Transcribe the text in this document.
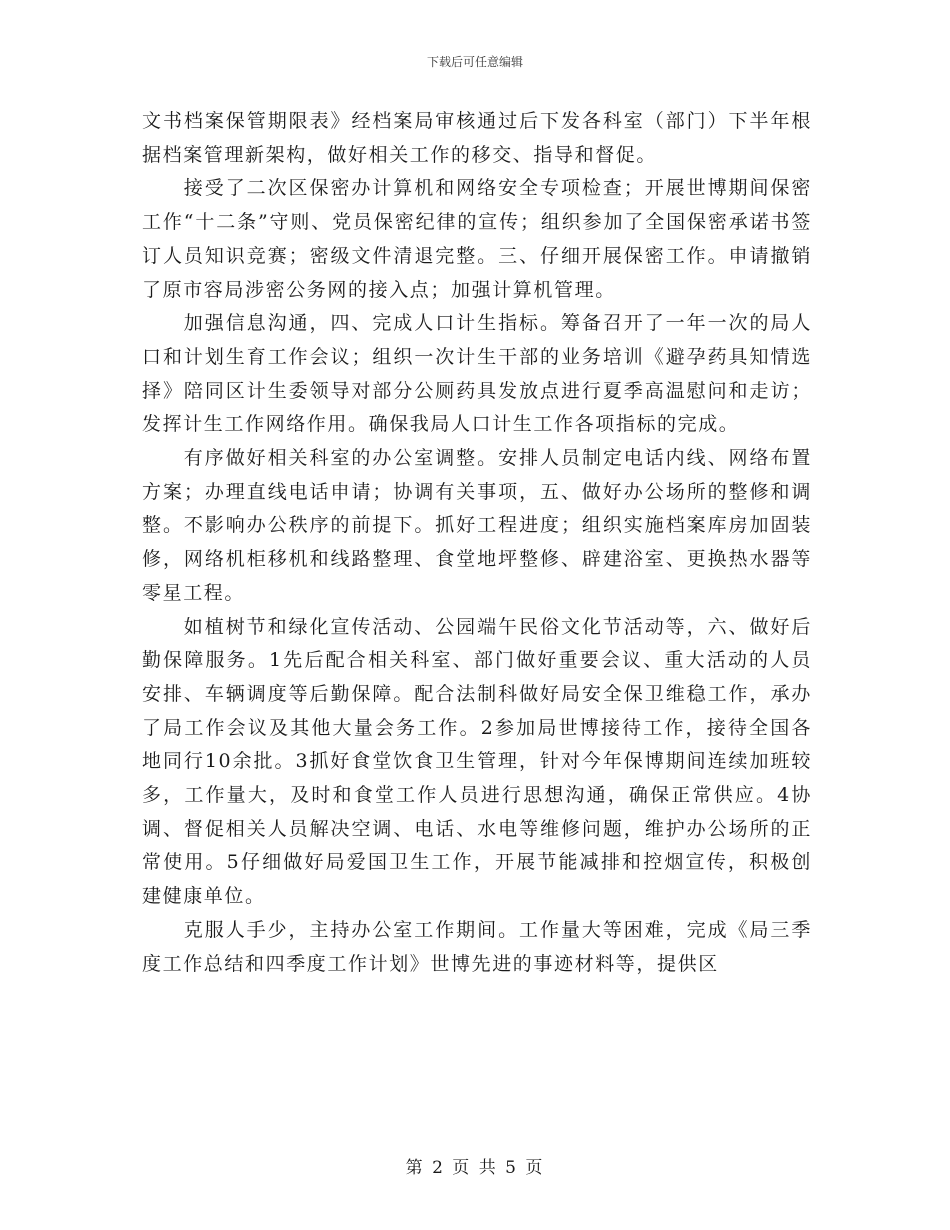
下载后可任意编辑

文书档案保管期限表》经档案局审核通过后下发各科室（部门）下半年根据档案管理新架构，做好相关工作的移交、指导和督促。

接受了二次区保密办计算机和网络安全专项检查；开展世博期间保密工作“十二条”守则、党员保密纪律的宣传；组织参加了全国保密承诺书签订人员知识竞赛；密级文件清退完整。三、仔细开展保密工作。申请撤销了原市容局涉密公务网的接入点；加强计算机管理。

加强信息沟通，四、完成人口计生指标。筹备召开了一年一次的局人口和计划生育工作会议；组织一次计生干部的业务培训《避孕药具知情选择》陪同区计生委领导对部分公厕药具发放点进行夏季高温慰问和走访；发挥计生工作网络作用。确保我局人口计生工作各项指标的完成。

有序做好相关科室的办公室调整。安排人员制定电话内线、网络布置方案；办理直线电话申请；协调有关事项，五、做好办公场所的整修和调整。不影响办公秩序的前提下。抓好工程进度；组织实施档案库房加固装修，网络机柜移机和线路整理、食堂地坪整修、辟建浴室、更换热水器等零星工程。

如植树节和绿化宣传活动、公园端午民俗文化节活动等，六、做好后勤保障服务。1先后配合相关科室、部门做好重要会议、重大活动的人员安排、车辆调度等后勤保障。配合法制科做好局安全保卫维稳工作，承办了局工作会议及其他大量会务工作。2参加局世博接待工作，接待全国各地同行10余批。3抓好食堂饮食卫生管理，针对今年保博期间连续加班较多，工作量大，及时和食堂工作人员进行思想沟通，确保正常供应。4协调、督促相关人员解决空调、电话、水电等维修问题，维护办公场所的正常使用。5仔细做好局爱国卫生工作，开展节能减排和控烟宣传，积极创建健康单位。

克服人手少，主持办公室工作期间。工作量大等困难，完成《局三季度工作总结和四季度工作计划》世博先进的事迹材料等，提供区

第 2 页 共 5 页
